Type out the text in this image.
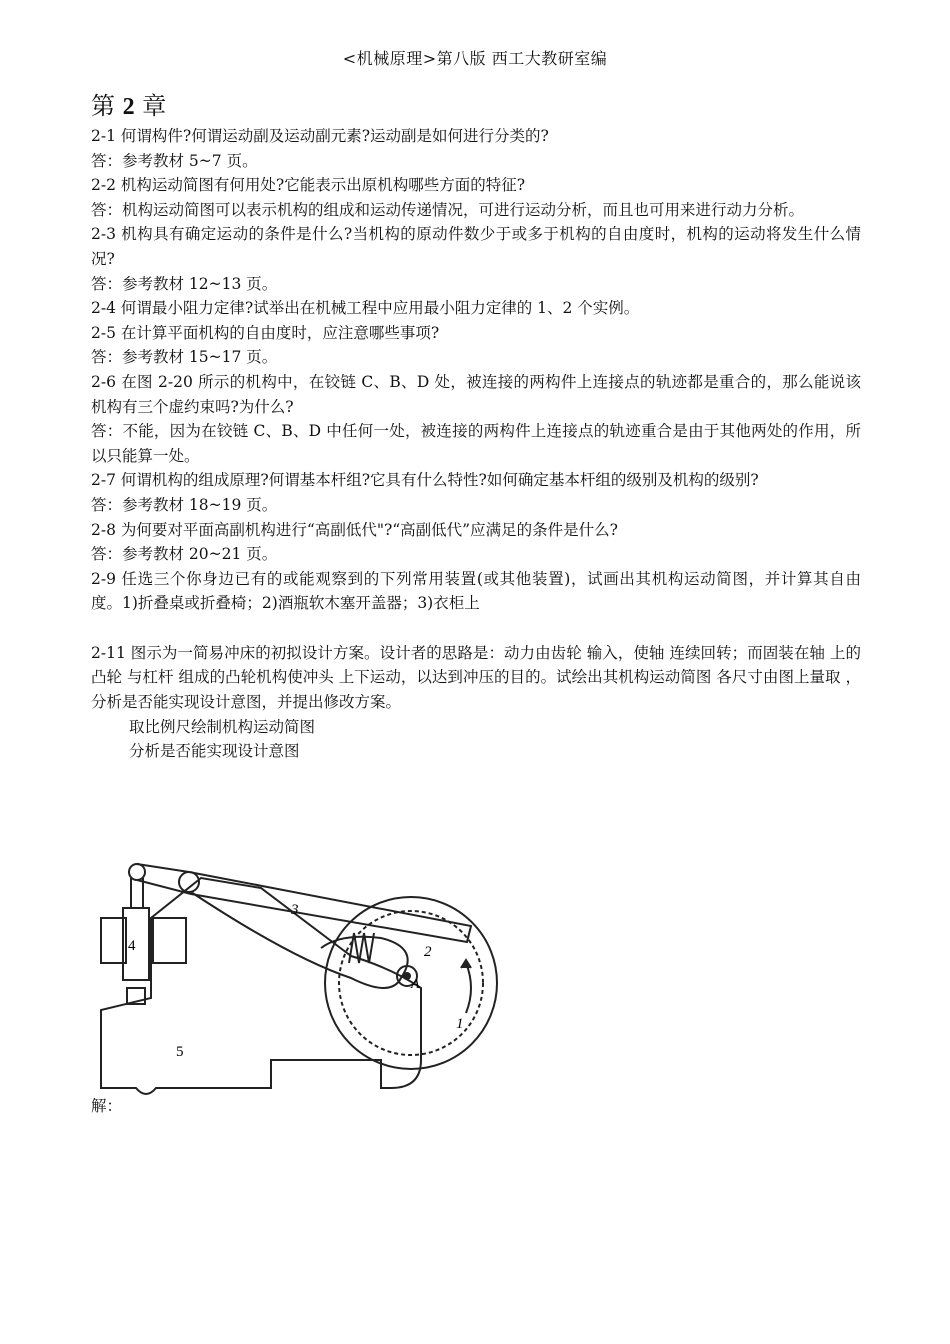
<机械原理>第八版 西工大教研室编
第 2 章

2-1 何谓构件?何谓运动副及运动副元素?运动副是如何进行分类的?

答：参考教材 5~7 页。

2-2 机构运动简图有何用处?它能表示出原机构哪些方面的特征?

答：机构运动简图可以表示机构的组成和运动传递情况，可进行运动分析，而且也可用来进行动力分析。

2-3 机构具有确定运动的条件是什么?当机构的原动件数少于或多于机构的自由度时，机构的运动将发生什么情况?

答：参考教材 12~13 页。

2-4 何谓最小阻力定律?试举出在机械工程中应用最小阻力定律的 1、2 个实例。

2-5 在计算平面机构的自由度时，应注意哪些事项?

答：参考教材 15~17 页。

2-6 在图 2-20 所示的机构中，在铰链 C、B、D 处，被连接的两构件上连接点的轨迹都是重合的，那么能说该机构有三个虚约束吗?为什么?

答：不能，因为在铰链 C、B、D 中任何一处，被连接的两构件上连接点的轨迹重合是由于其他两处的作用，所以只能算一处。

2-7 何谓机构的组成原理?何谓基本杆组?它具有什么特性?如何确定基本杆组的级别及机构的级别?

答：参考教材 18~19 页。

2-8 为何要对平面高副机构进行“高副低代"?“高副低代”应满足的条件是什么?

答：参考教材 20~21 页。

2-9 任选三个你身边已有的或能观察到的下列常用装置(或其他装置)，试画出其机构运动简图，并计算其自由度。1)折叠桌或折叠椅；2)酒瓶软木塞开盖器；3)衣柜上

2-11 图示为一简易冲床的初拟设计方案。设计者的思路是：动力由齿轮 输入，使轴 连续回转；而固装在轴 上的凸轮 与杠杆 组成的凸轮机构使冲头 上下运动，以达到冲压的目的。试绘出其机构运动简图 各尺寸由图上量取 ，分析是否能实现设计意图，并提出修改方案。

取比例尺绘制机构运动简图

分析是否能实现设计意图

1
2
3
4
5
A
解：
